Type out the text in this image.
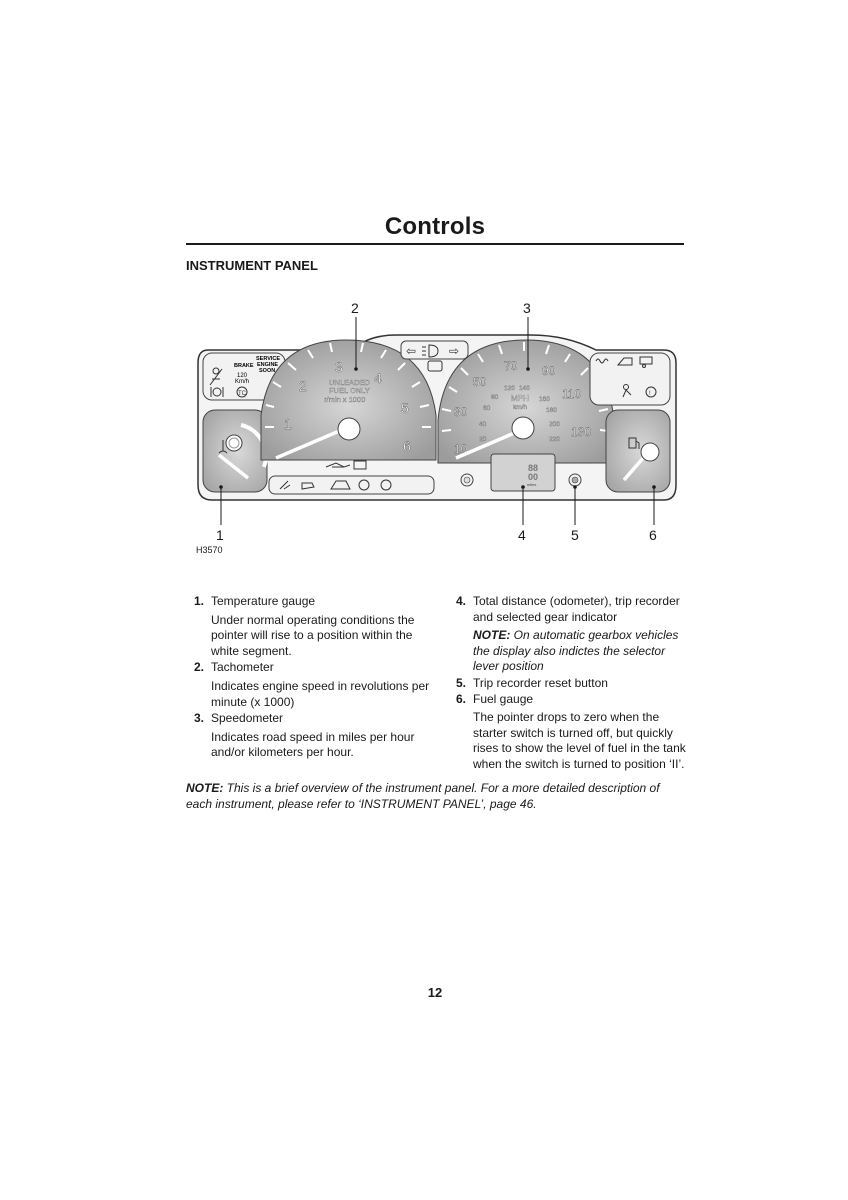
Controls
INSTRUMENT PANEL
BRAKE
SERVICE
ENGINE
SOON
120
Km/h
TC
1
2
3
4
5
6
UNLEADED
FUEL ONLY
r/min x 1000
⇦	⇨
10
30
50
70 90
110
130
20
40
60
80
120 140
160
180
200
220
MPH
km/h
!
88
00
miles
2	3
1	4	5	6
H3570
1. Temperature gauge
Under normal operating conditions the pointer will rise to a position within the white segment.
2. Tachometer
Indicates engine speed in revolutions per minute (x 1000)
3. Speedometer
Indicates road speed in miles per hour and/or kilometers per hour.
4. Total distance (odometer), trip recorder and selected gear indicator
NOTE: On automatic gearbox vehicles the display also indictes the selector lever position
5. Trip recorder reset button
6. Fuel gauge
The pointer drops to zero when the starter switch is turned off, but quickly rises to show the level of fuel in the tank when the switch is turned to position ‘II’.
NOTE: This is a brief overview of the instrument panel. For a more detailed description of each instrument, please refer to ‘INSTRUMENT PANEL’, page 46.
12
